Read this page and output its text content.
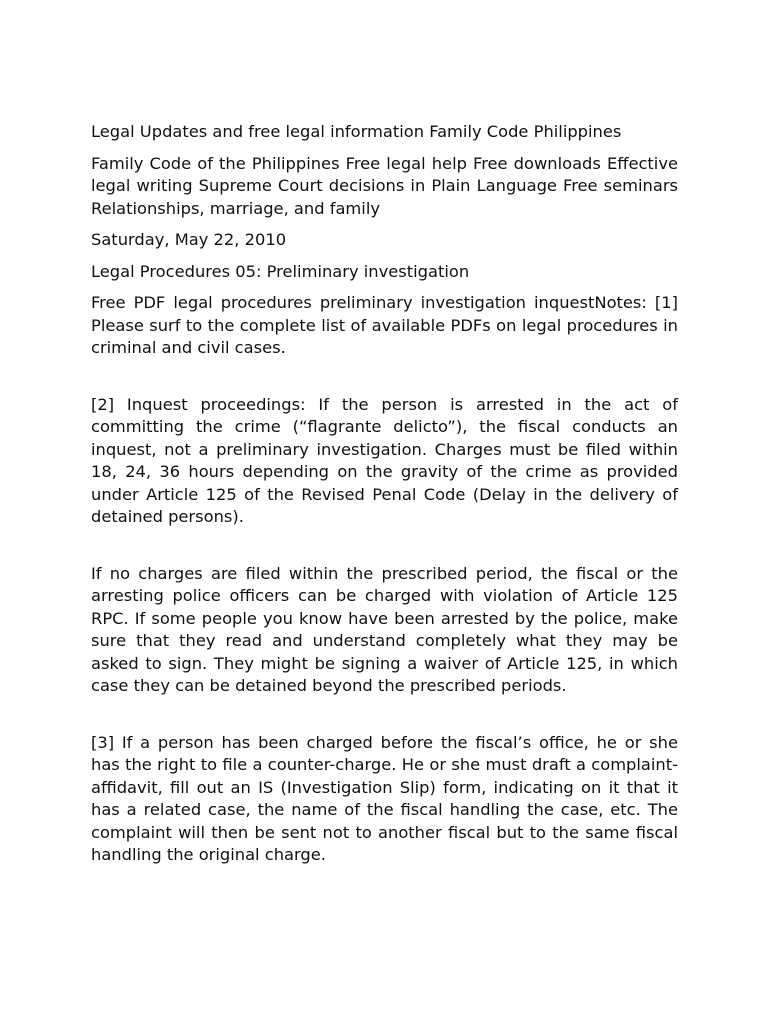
Legal Updates and free legal information Family Code Philippines

Family Code of the Philippines Free legal help Free downloads Effective legal writing Supreme Court decisions in Plain Language Free seminars Relationships, marriage, and family

Saturday, May 22, 2010

Legal Procedures 05: Preliminary investigation

Free PDF legal procedures preliminary investigation inquestNotes: [1] Please surf to the complete list of available PDFs on legal procedures in criminal and civil cases.

[2] Inquest proceedings: If the person is arrested in the act of committing the crime (“flagrante delicto”), the fiscal conducts an inquest, not a preliminary investigation. Charges must be filed within 18, 24, 36 hours depending on the gravity of the crime as provided under Article 125 of the Revised Penal Code (Delay in the delivery of detained persons).

If no charges are filed within the prescribed period, the fiscal or the arresting police officers can be charged with violation of Article 125 RPC. If some people you know have been arrested by the police, make sure that they read and understand completely what they may be asked to sign. They might be signing a waiver of Article 125, in which case they can be detained beyond the prescribed periods.

[3] If a person has been charged before the fiscal’s office, he or she has the right to file a counter-charge. He or she must draft a complaint-affidavit, fill out an IS (Investigation Slip) form, indicating on it that it has a related case, the name of the fiscal handling the case, etc. The complaint will then be sent not to another fiscal but to the same fiscal handling the original charge.
